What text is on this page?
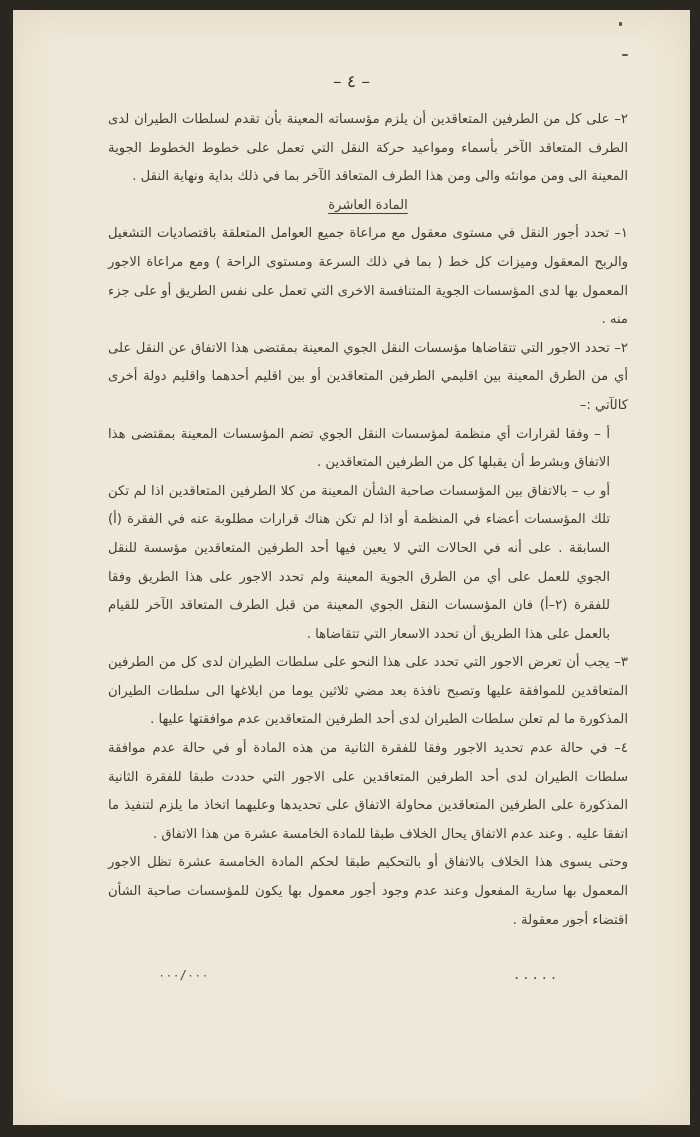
– ٤ –

٢– على كل من الطرفين المتعاقدين أن يلزم مؤسساته المعينة بأن تقدم لسلطات الطيران لدى الطرف المتعاقد الآخر بأسماء ومواعيد حركة النقل التي تعمل على خطوط الخطوط الجوية المعينة الى ومن موانئه والى ومن هذا الطرف المتعاقد الآخر بما في ذلك بداية ونهاية النقل .

المادة العاشرة

١– تحدد أجور النقل في مستوى معقول مع مراعاة جميع العوامل المتعلقة باقتصاديات التشغيل والربح المعقول وميزات كل خط ( بما في ذلك السرعة ومستوى الراحة ) ومع مراعاة الاجور المعمول بها لدى المؤسسات الجوية المتنافسة الاخرى التي تعمل على نفس الطريق أو على جزء منه .

٢– تحدد الاجور التي تتقاضاها مؤسسات النقل الجوي المعينة بمقتضى هذا الاتفاق عن النقل على أي من الطرق المعينة بين اقليمي الطرفين المتعاقدين أو بين اقليم أحدهما واقليم دولة أخرى كالآتي :–

أ – وفقا لقرارات أي منظمة لمؤسسات النقل الجوي تضم المؤسسات المعينة بمقتضى هذا الاتفاق وبشرط أن يقبلها كل من الطرفين المتعاقدين .

أو ب – بالاتفاق بين المؤسسات صاحبة الشأن المعينة من كلا الطرفين المتعاقدين اذا لم تكن تلك المؤسسات أعضاء في المنظمة أو اذا لم تكن هناك قرارات مطلوبة عنه في الفقرة (أ) السابقة . على أنه في الحالات التي لا يعين فيها أحد الطرفين المتعاقدين مؤسسة للنقل الجوي للعمل على أي من الطرق الجوية المعينة ولم تحدد الاجور على هذا الطريق وفقا للفقرة (٢–أ) فان المؤسسات النقل الجوي المعينة من قبل الطرف المتعاقد الآخر للقيام بالعمل على هذا الطريق أن تحدد الاسعار التي تتقاضاها .

٣– يجب أن تعرض الاجور التي تحدد على هذا النحو على سلطات الطيران لدى كل من الطرفين المتعاقدين للموافقة عليها وتصبح نافذة بعد مضي ثلاثين يوما من ابلاغها الى سلطات الطيران المذكورة ما لم تعلن سلطات الطيران لدى أحد الطرفين المتعاقدين عدم موافقتها عليها .

٤– في حالة عدم تحديد الاجور وفقا للفقرة الثانية من هذه المادة أو في حالة عدم موافقة سلطات الطيران لدى أحد الطرفين المتعاقدين على الاجور التي حددت طبقا للفقرة الثانية المذكورة على الطرفين المتعاقدين محاولة الاتفاق على تحديدها وعليهما اتخاذ ما يلزم لتنفيذ ما اتفقا عليه . وعند عدم الاتفاق يحال الخلاف طبقا للمادة الخامسة عشرة من هذا الاتفاق .

وحتى يسوى هذا الخلاف بالاتفاق أو بالتحكيم طبقا لحكم المادة الخامسة عشرة تظل الاجور المعمول بها سارية المفعول وعند عدم وجود أجور معمول بها يكون للمؤسسات صاحبة الشأن اقتضاء أجور معقولة .

٠٠٠/٠٠٠	.....
